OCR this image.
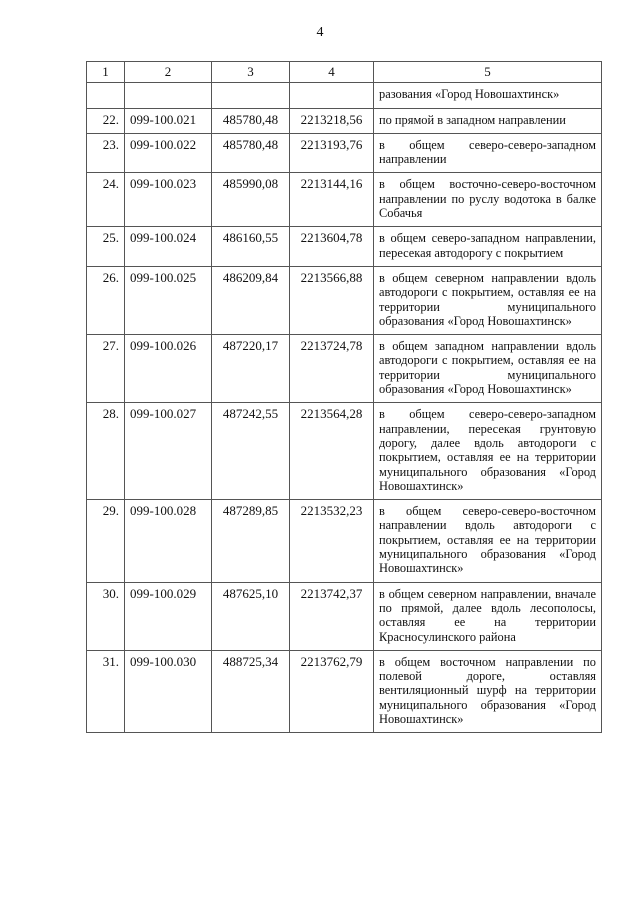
4
1	2	3	4	5
				разования «Город Новошахтинск»
22.	099-100.021	485780,48	2213218,56	по прямой в западном направлении
23.	099-100.022	485780,48	2213193,76	в общем северо-северо-западном направлении
24.	099-100.023	485990,08	2213144,16	в общем восточно-северо-восточном направлении по руслу водотока в балке Собачья
25.	099-100.024	486160,55	2213604,78	в общем северо-западном направлении, пересекая автодорогу с покрытием
26.	099-100.025	486209,84	2213566,88	в общем северном направлении вдоль автодороги с покрытием, оставляя ее на территории муниципального образования «Город Новошахтинск»
27.	099-100.026	487220,17	2213724,78	в общем западном направлении вдоль автодороги с покрытием, оставляя ее на территории муниципального образования «Город Новошахтинск»
28.	099-100.027	487242,55	2213564,28	в общем северо-северо-западном направлении, пересекая грунтовую дорогу, далее вдоль автодороги с покрытием, оставляя ее на территории муниципального образования «Город Новошахтинск»
29.	099-100.028	487289,85	2213532,23	в общем северо-северо-восточном направлении вдоль автодороги с покрытием, оставляя ее на территории муниципального образования «Город Новошахтинск»
30.	099-100.029	487625,10	2213742,37	в общем северном направлении, вначале по прямой, далее вдоль лесополосы, оставляя ее на территории Красносулинского района
31.	099-100.030	488725,34	2213762,79	в общем восточном направлении по полевой дороге, оставляя вентиляционный шурф на территории муниципального образования «Город Новошахтинск»
